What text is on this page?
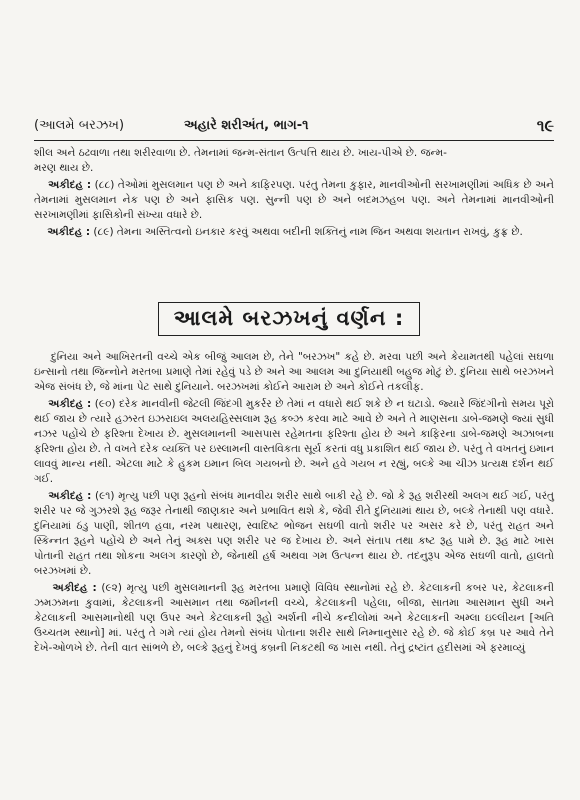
(આલમે બરઝખ)	અહારે શરીઅંત, ભાગ-૧	૧૯

શીલ અને ઠઢવાળા તથા શરીરવાળા છે. તેમનામાં જન્મ-સંતાન ઉત્પત્તિ થાય છે. ખાય-પીએ છે. જન્મ-
મરણ થાય છે.

અકીદહ : (૮૮) તેઓમાં મુસલમાન પણ છે અને કાફિરપણ. પરંતુ તેમના કુફાર, માનવીઓની સરખામણીમાં અધિક છે અને તેમનામાં મુસલમાન નેક પણ છે અને ફાસિક પણ. સુન્ની પણ છે અને બદમઝહબ પણ. અને તેમનામાં માનવીઓની સરખામણીમાં ફાસિકોની સંખ્યા વધારે છે.

અકીદહ : (૮૯) તેમના અસ્તિત્વનો ઇનકાર કરવું અથવા બદીની શક્તિનું નામ જિન અથવા શયતાન રાખવું, કુફ્ર છે.

આલમે બરઝખનું વર્ણન :

દુનિયા અને આખિરતની વચ્ચે એક બીજું આલમ છે, તેને "બરઝખ" કહે છે. મરવા પછી અને કેયામતથી પહેલાં સઘળા ઇન્સાનો તથા જિન્નોને મરતબા પ્રમાણે તેમાં રહેવું પડે છે અને આ આલમ આ દુનિયાથી બહુજ મોટું છે. દુનિયા સાથે બરઝખને એજ સંબંધ છે, જે માંના પેટ સાથે દુનિયાને. બરઝખમાં કોઈને આરામ છે અને કોઈને તકલીફ.

અકીદહ : (૯૦) દરેક માનવીની જેટલી જિંદગી મુકર્રર છે તેમાં ન વધારો થઈ શકે છે ન ઘટાડો. જ્યારે જિંદગીનો સમય પૂરો થઈ જાય છે ત્યારે હઝરત ઇઝરાઇલ અલયહિસ્સલામ રૂહ કબ્ઝ કરવા માટે આવે છે અને તે માણસના ડાબે-જમણે જ્યાં સુધી નઝર પહોંચે છે ફરિશ્તા દેખાય છે. મુસલમાનની આસપાસ રહેમતના ફરિશ્તા હોય છે અને કાફિરના ડાબે-જમણે અઝાબના ફરિશ્તા હોય છે. તે વખતે દરેક વ્યક્તિ પર ઇસ્લામની વાસ્તવિકતા સૂર્ય કરતાં વધુ પ્રકાશિત થઈ જાય છે. પરંતુ તે વખતનું ઇમાન લાવવું માન્ય નથી. એટલા માટે કે હુકમ ઇમાન બિલ ગયબનો છે. અને હવે ગયબ ન રહ્યું, બલ્કે આ ચીઝ પ્રત્યક્ષ દર્શન થઈ ગઈ.

અકીદહ : (૯૧) મૃત્યુ પછી પણ રૂહનો સંબંધ માનવીય શરીર સાથે બાકી રહે છે. જો કે રૂહ શરીરથી અલગ થઈ ગઈ, પરંતુ શરીર પર જે ગુઝરશે રૂહ જરૂર તેનાથી જાણકાર અને પ્રભાવિત થશે કે, જેવી રીતે દુનિયામાં થાય છે, બલ્કે તેનાથી પણ વધારે. દુનિયામાં ઠંડુ પાણી, શીતળ હવા, નરમ પથારણ, સ્વાદિષ્ટ ભોજન સઘળી વાતો શરીર પર અસર કરે છે, પરંતુ રાહત અને સ્કિન્નત રૂહને પહોંચે છે અને તેનું અક્સ પણ શરીર પર જ દેખાય છે. અને સંતાપ તથા કષ્ટ રૂહ પામે છે. રૂહ માટે ખાસ પોતાની રાહત તથા શોકના અલગ કારણો છે, જેનાથી હર્ષ અથવા ગમ ઉત્પન્ન થાય છે. તદનુરૂપ એજ સઘળી વાતો, હાલતો બરઝખમાં છે.

અકીદહ : (૯૨) મૃત્યુ પછી મુસલમાનની રૂહ મરતબા પ્રમાણે વિવિધ સ્થાનોમાં રહે છે. કેટલાકની કબર પર, કેટલાકની ઝમઝમના કુવામાં, કેટલાકની આસમાન તથા જમીનની વચ્ચે, કેટલાકની પહેલા, બીજા, સાતમા આસમાન સુધી અને કેટલાકની આસમાનોથી પણ ઉપર અને કેટલાકની રૂહો અર્શની નીચે કન્દીલોમાં અને કેટલાકની અમ્લા ઇલ્લીયન [અતિ ઉચ્ચતમ સ્થાનો] માં. પરંતુ તે ગમે ત્યાં હોય તેમનો સંબંધ પોતાના શરીર સાથે નિમ્નાનુસાર રહે છે. જે કોઈ કબ્ર પર આવે તેને દેખે-ઓળખે છે. તેની વાત સાંભળે છે, બલ્કે રૂહનું દેખવું કબ્રની નિકટથી જ ખાસ નથી. તેનું દ્રષ્ટાંત હદીસમાં એ ફરમાવ્યું
